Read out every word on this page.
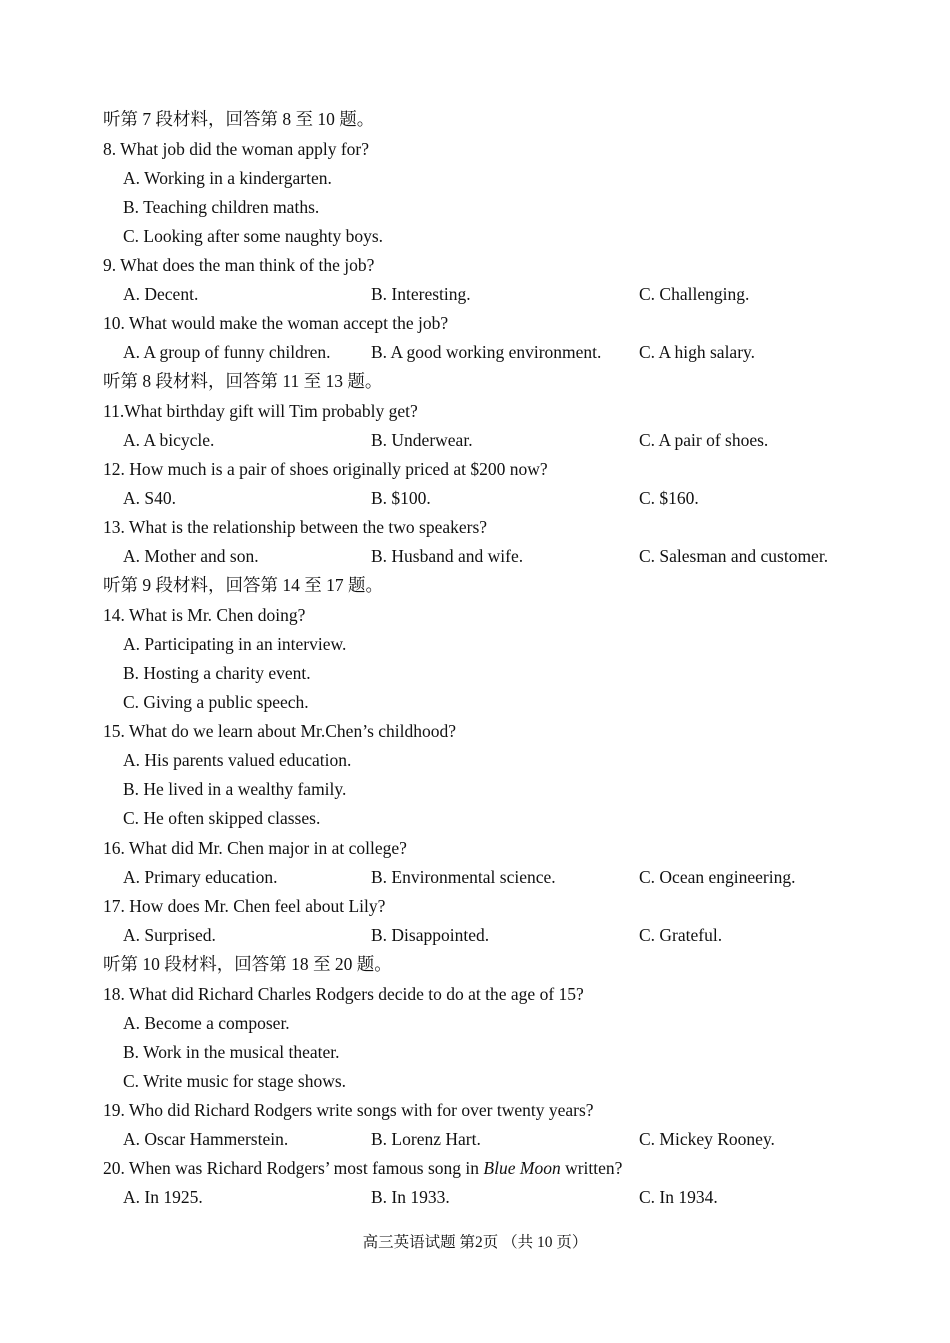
听第 7 段材料，回答第 8 至 10 题。
8. What job did the woman apply for?
A. Working in a kindergarten.
B. Teaching children maths.
C. Looking after some naughty boys.
9. What does the man think of the job?
A. Decent.	B. Interesting.	C. Challenging.
10. What would make the woman accept the job?
A. A group of funny children. B. A good working environment. C. A high salary.
听第 8 段材料，回答第 11 至 13 题。
11.What birthday gift will Tim probably get?
A. A bicycle.	B. Underwear.	C. A pair of shoes.
12. How much is a pair of shoes originally priced at $200 now?
A. S40.	B. $100.	C. $160.
13. What is the relationship between the two speakers?
A. Mother and son.	B. Husband and wife.	C. Salesman and customer.
听第 9 段材料，回答第 14 至 17 题。
14. What is Mr. Chen doing?
A. Participating in an interview.
B. Hosting a charity event.
C. Giving a public speech.
15. What do we learn about Mr.Chen’s childhood?
A. His parents valued education.
B. He lived in a wealthy family.
C. He often skipped classes.
16. What did Mr. Chen major in at college?
A. Primary education.	B. Environmental science.	C. Ocean engineering.
17. How does Mr. Chen feel about Lily?
A. Surprised.	B. Disappointed.	C. Grateful.
听第 10 段材料，回答第 18 至 20 题。
18. What did Richard Charles Rodgers decide to do at the age of 15?
A. Become a composer.
B. Work in the musical theater.
C. Write music for stage shows.
19. Who did Richard Rodgers write songs with for over twenty years?
A. Oscar Hammerstein.	B. Lorenz Hart.	C. Mickey Rooney.
20. When was Richard Rodgers’ most famous song in Blue Moon written?
A. In 1925.	B. In 1933.	C. In 1934.
高三英语试题 第2页 （共 10 页）
